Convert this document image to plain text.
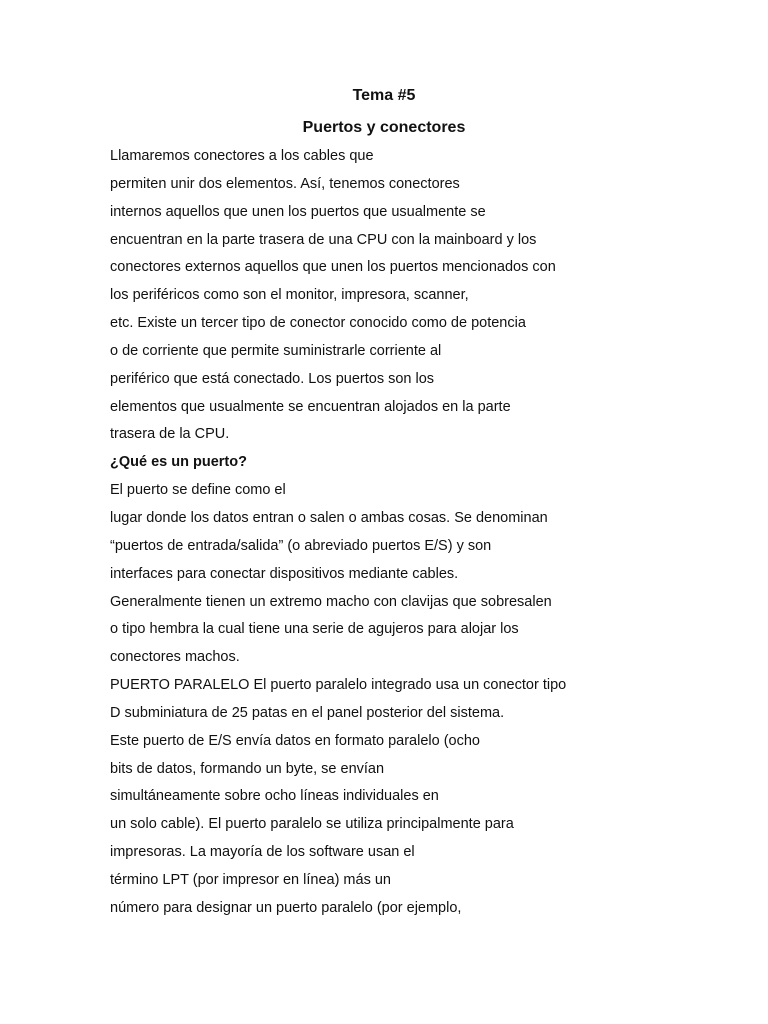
Tema #5
Puertos y conectores
Llamaremos conectores a los cables que
permiten unir dos elementos. Así, tenemos conectores
internos aquellos que unen los puertos que usualmente se
encuentran en la parte trasera de una CPU con la mainboard y los
conectores externos aquellos que unen los puertos mencionados con
los periféricos como son el monitor, impresora, scanner,
etc. Existe un tercer tipo de conector conocido como de potencia
o de corriente que permite suministrarle corriente al
periférico que está conectado. Los puertos son los
elementos que usualmente se encuentran alojados en la parte
trasera de la CPU.
¿Qué es un puerto?
El puerto se define como el
lugar donde los datos entran o salen o ambas cosas. Se denominan
“puertos de entrada/salida” (o abreviado puertos E/S) y son
interfaces para conectar dispositivos mediante cables.
Generalmente tienen un extremo macho con clavijas que sobresalen
o tipo hembra la cual tiene una serie de agujeros para alojar los
conectores machos.
PUERTO PARALELO El puerto paralelo integrado usa un conector tipo
D subminiatura de 25 patas en el panel posterior del sistema.
Este puerto de E/S envía datos en formato paralelo (ocho
bits de datos, formando un byte, se envían
simultáneamente sobre ocho líneas individuales en
un solo cable). El puerto paralelo se utiliza principalmente para
impresoras. La mayoría de los software usan el
término LPT (por impresor en línea) más un
número para designar un puerto paralelo (por ejemplo,
